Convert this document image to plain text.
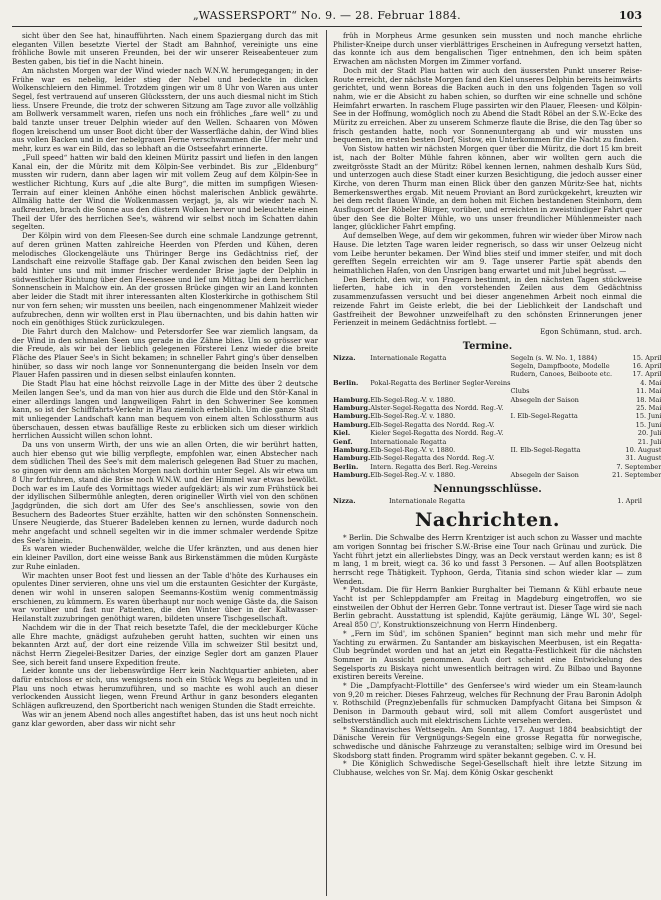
„WASSERSPORT“ No. 9. — 28. Februar 1884.	103

sicht über den See hat, hinaufführten. Nach einem Spaziergang durch das mit eleganten Villen besetzte Viertel der Stadt am Bahnhof, vereinigte uns eine fröhliche Bowle mit unseren Freunden, bei der wir unserer Reiseabenteuer zum Besten gaben, bis tief in die Nacht hinein.

Am nächsten Morgen war der Wind wieder nach W.N.W. herumgegangen; in der Frühe war es nebelig, leider stieg der Nebel und bedeckte in dicken Wolkenschleiern den Himmel. Trotzdem gingen wir um 8 Uhr von Waren aus unter Segel, fest vertrauend auf unseren Glücksstern, der uns auch diesmal nicht im Stich liess. Unsere Freunde, die trotz der schweren Sitzung am Tage zuvor alle vollzählig am Bollwerk versammelt waren, riefen uns noch ein fröhliches „fare well“ zu und bald tanzte unser treuer Delphin wieder auf den Wellen. Schaaren von Möwen flogen kreischend um unser Boot dicht über der Wasserfläche dahin, der Wind blies aus vollen Backen und in der nebelgrauen Ferne verschwammen die Ufer mehr und mehr, kurz es war ein Bild, das so lebhaft an die Ostseefahrt erinnerte.

„Full speed“ hatten wir bald den kleinen Müritz passirt und liefen in den langen Kanal ein, der die Müritz mit dem Kölpin-See verbindet. Bis zur „Eldenburg“ mussten wir rudern, dann aber lagen wir mit vollem Zeug auf dem Kölpin-See in westlicher Richtung, Kurs auf „die alte Burg“, die mitten im sumpfigen Wiesen-Terrain auf einer kleinen Anhöhe einen höchst malerischen Anblick gewährte. Allmälig hatte der Wind die Wolkenmassen verjagt, ja, als wir wieder nach N. aufkreuzten, brach die Sonne aus den düstern Wolken hervor und beleuchtete einen Theil der Ufer des herrlichen See's, während wir selbst noch im Schatten dahin segelten.

Der Kölpin wird von dem Fleesen-See durch eine schmale Landzunge getrennt, auf deren grünen Matten zahlreiche Heerden von Pferden und Kühen, deren melodisches Glockengeläute uns Thüringer Berge ins Gedächtniss rief, der Landschaft eine reizvolle Staffage gab. Der Kanal zwischen den beiden Seen lag bald hinter uns und mit immer frischer werdender Brise jagte der Delphin in südwestlicher Richtung über den Fleesensee und lief um Mittag bei dem herrlichen Sonnenschein in Malchow ein. An der grossen Brücke gingen wir an Land konnten aber leider die Stadt mit ihrer interessanten alten Klosterkirche in gothischem Stil nur von fern sehen; wir mussten uns beeilen, nach eingenommener Mahlzeit wieder aufzubrechen, denn wir wollten erst in Plau übernachten, und bis dahin hatten wir noch ein genöthiges Stück zurückzulegen.

Die Fahrt durch den Malchow- und Petersdorfer See war ziemlich langsam, da der Wind in den schmalen Seen uns gerade in die Zähne blies. Um so grösser war die Freude, als wir bei der lieblich gelegenen Försterei Lenz wieder die breite Fläche des Plauer See's in Sicht bekamen; in schneller Fahrt ging's über denselben hinüber, so dass wir noch lange vor Sonnenuntergang die beiden Inseln vor dem Plauer Hafen passiren und in diesen selbst einlaufen konnten.

Die Stadt Plau hat eine höchst reizvolle Lage in der Mitte des über 2 deutsche Meilen langen See's, und da man von hier aus durch die Elde und den Stör-Kanal in einer allerdings langen und langweiligen Fahrt in den Schweriner See kommen kann, so ist der Schifffahrts-Verkehr in Plau ziemlich erheblich. Um die ganze Stadt mit unliegender Landschaft kann man bequem von einem alten Schlossthurm aus überschauen, dessen etwas baufällige Reste zu erblicken sich um dieser wirklich herrlichen Aussicht willen schon lohnt.

Da uns von unserm Wirth, der uns wie an allen Orten, die wir berührt hatten, auch hier ebenso gut wie billig verpflegte, empfohlen war, einen Abstecher nach dem südlichen Theil des See's mit dem malerisch gelegenen Bad Stuer zu machen, so gingen wir denn am nächsten Morgen nach dorthin unter Segel. Als wir etwa um 8 Uhr fortfuhren, stand die Brise noch W.N.W. und der Himmel war etwas bewölkt. Doch war es im Laufe des Vormittags wieder aufgeklärt; als wir zum Frühstück bei der idyllischen Silbermühle anlegten, deren origineller Wirth viel von den schönen Jagdgründen, die sich dort am Ufer des See's anschliessen, sowie von den Besuchern des Badeortes Stuer erzählte, hatten wir den schönsten Sonnenschein. Unsere Neugierde, das Stuerer Badeleben kennen zu lernen, wurde dadurch noch mehr angefacht und schnell segelten wir in die immer schmaler werdende Spitze des See's hinein.

Es waren wieder Buchenwälder, welche die Ufer kränzten, und aus denen hier ein kleiner Pavillon, dort eine weisse Bank aus Birkenstämmen die müden Kurgäste zur Ruhe einladen.

Wir machten unser Boot fest und liessen an der Table d'hôte des Kurhauses ein opulentes Diner servieren, ohne uns viel um die erstaunten Gesichter der Kurgäste, denen wir wohl in unseren salopen Seemanns-Kostüm wenig commentmässig erschienen, zu kümmern. Es waren überhaupt nur noch wenige Gäste da, die Saison war vorüber und fast nur Patienten, die den Winter über in der Kaltwasser-Heilanstalt zuzubringen genöthigt waren, bildeten unsere Tischgesellschaft.

Nachdem wir die in der That reich besetzte Tafel, die der meckleburger Küche alle Ehre machte, gnädigst aufzuheben geruht hatten, suchten wir einen uns bekannten Arzt auf, der dort eine reizende Villa im schweizer Stil besitzt und, nächst Herrn Ziegelei-Besitzer Daries, der einzige Segler dort am ganzen Plauer See, sich bereit fand unsere Expedition freute.

Leider konnte uns der liebenswürdige Herr kein Nachtquartier anbieten, aber dafür entschloss er sich, uns wenigstens noch ein Stück Wegs zu begleiten und in Plau uns noch etwas herumzuführen, und so machte es wohl auch an dieser verlockenden Aussicht liegen, wenn Freund Arthur in ganz besonders eleganten Schlägen aufkreuzend, den Sportbericht nach wenigen Stunden die Stadt erreichte.

Was wir an jenem Abend noch alles angestiftet haben, das ist uns heut noch nicht ganz klar geworden, aber dass wir nicht sehr

früh in Morpheus Arme gesunken sein mussten und noch manche ehrliche Philister-Kneipe durch unser vierblättriges Erscheinen in Aufregung versetzt hatten, das konnte ich aus dem bengalischen Tiger entnehmen, den ich beim späten Erwachen am nächsten Morgen im Zimmer vorfand.

Doch mit der Stadt Plau hatten wir auch den äussersten Punkt unserer Reise-Route erreicht, der nächste Morgen fand den Kiel unseres Delphin bereits heimwärts gerichtet, und wenn Boreas die Backen auch in den uns folgenden Tagen so voll nahm, wie er die Absicht zu haben schien, so durften wir eine schnelle und schöne Heimfahrt erwarten. In raschem Fluge passirten wir den Plauer, Fleesen- und Kölpin-See in der Hoffnung, womöglich noch zu Abend die Stadt Röbel an der S.W.-Ecke des Müritz zu erreichen. Aber zu unserem Schmerze flaute die Brise, die den Tag über so frisch gestanden hatte, noch vor Sonnenuntergang ab und wir mussten uns bequemen, im ersten besten Dorf, Sistow, ein Unterkommen für die Nacht zu finden.

Von Sistow hatten wir nächsten Morgen quer über die Müritz, die dort 15 km breit ist, nach der Bolter Mühle fahren können, aber wir wollten gern auch die zweitgrösste Stadt an der Müritz: Röbel kennen lernen, nahmen deshalb Kurs Süd, und unterzogen auch diese Stadt einer kurzen Besichtigung, die jedoch ausser einer Kirche, von deren Thurm man einen Blick über den ganzen Müritz-See hat, nichts Bemerkenswerthes ergab. Mit neuem Proviant an Bord zurückgekehrt, kreuzten wir bei dem recht flauen Winde, an dem hohen mit Eichen bestandenen Steinhorn, dem Ausflugsort der Röbeler Bürger, vorüber, und erreichten in zweistündiger Fahrt quer über den See die Bolter Mühle, wo uns unser freundlicher Mühlenmeister nach langer, glücklicher Fahrt empfing.

Auf demselben Wege, auf dem wir gekommen, fuhren wir wieder über Mirow nach Hause. Die letzten Tage waren leider regnerisch, so dass wir unser Oelzeug nicht vom Leibe herunter bekamen. Der Wind blies steif und immer steifer, und mit doch gerefften Segeln erreichten wir am 9. Tage unserer Partie spät abends den heimathlichen Hafen, von den Unsrigen bang erwartet und mit Jubel begrüsst. —

Den Bericht, den wir, von Fragern bestimmt, in den nächsten Tagen stückweise lieferten, habe ich in den vorstehenden Zeilen aus dem Gedächtniss zusammenzufassen versucht und bei dieser angenehmen Arbeit noch einmal die reizende Fahrt im Geiste erlebt, die bei der Lieblichkeit der Landschaft und Gastfreiheit der Bewohner unzweifelhaft zu den schönsten Erinnerungen jener Ferienzeit in meinem Gedächtniss fortlebt. —

Egon Schümann, stud. arch.
Termine.
Nizza.	Internationale Regatta	Segeln (s. W. No. 1, 1884)	15. April
		Segeln, Dampfboote, Modelle	16. April
		Rudern, Canoes, Beiboote etc.	17. April
Berlin.	Pokal-Regatta des Berliner Segler-Vereins		4. Mai
		Clubs	11. Mai
Hamburg.	Elb-Segel-Reg.-V. v. 1880.	Absegeln der Saison	18. Mai
Hamburg.	Alster-Segel-Regatta des Nordd. Reg.-V.		25. Mai
Hamburg.	Elb-Segel-Reg.-V. v. 1880.	I. Elb-Segel-Regatta	15. Juni
Hamburg.	Elb-Segel-Regatta des Nordd. Reg.-V.		15. Juni
Kiel.	Kieler Segel-Regatta des Nordd. Reg.-V.		20. Juli
Genf.	Internationale Regatta		21. Juli
Hamburg.	Elb-Segel-Reg.-V. v. 1880.	II. Elb-Segel-Regatta	10. August
Hamburg.	Elb-Segel-Regatta des Nordd. Reg.-V.		31. August
Berlin.	Intern. Regatta des Berl. Reg.-Vereins		7. September
Hamburg.	Elb-Segel-Reg.-V. v. 1880.	Absegeln der Saison	21. September
Nennungsschlüsse.
Nizza.	Internationale Regatta		1. April
Nachrichten.

* Berlin. Die Schwalbe des Herrn Krentziger ist auch schon zu Wasser und machte am vorigen Sonntag bei frischer S.W.-Brise eine Tour nach Grünau und zurück. Die Yacht führt jetzt ein allerliebstes Dingy, was an Deck verstaut werden kann; es ist 8 m lang, 1 m breit, wiegt ca. 36 ko und fasst 3 Personen. — Auf allen Bootsplätzen herrscht rege Thätigkeit. Typhoon, Gerda, Titania sind schon wieder klar — zum Wenden.

* Potsdam. Die für Herrn Bankier Burghalter bei Tiemann & Kühl erbaute neue Yacht ist per Schleppdampfer am Freitag in Magdeburg eingetroffen, wo sie einstweilen der Obhut der Herren Gebr. Tonne vertraut ist. Dieser Tage wird sie nach Berlin gebracht. Ausstattung ist splendid, Kajüte geräumig, Länge WL 30', Segel-Areal 850 ▢', Konstruktionszeichnung von Herrn Hindenberg.

* „Fern im Süd', im schönen Spanien“ beginnt man sich mehr und mehr für Yachting zu erwärmen. Zu Santander am biskayischen Meerbusen, ist ein Regatta-Club begründet worden und hat an jetzt ein Regatta-Festlichkeit für die nächsten Sommer in Aussicht genommen. Auch dort scheint eine Entwickelung des Segelsports zu Biskaya nicht unwesentlich beitragen wird. Zu Bilbao und Bayonne existiren bereits Vereine.

* Die „Dampfyacht-Flottille“ des Genfersee's wird wieder um ein Steam-launch von 9,20 m reicher. Dieses Fahrzeug, welches für Rechnung der Frau Baronin Adolph v. Rothschild (Pregnz)ebenfalls für schmucken Dampfyacht Gitana bei Simpson & Denison in Darmouth gebaut wird, soll mit allem Comfort ausgerüstet und selbstverständlich auch mit elektrischem Lichte versehen werden.

* Skandinavisches Wettsegeln. Am Sonntag, 17. August 1884 beabsichtigt der Dänische Verein für Vergnügungs-Segeln eine grosse Regatta für norwegische, schwedische und dänische Fahrzeuge zu veranstalten; selbige wird im Oresund bei Skodsborg statt finden. Programm wird später bekannt gegeben. C. v. H.

* Die Königlich Schwedische Segel-Gesellschaft hielt ihre letzte Sitzung im Clubhause, welches von Sr. Maj. dem König Oskar geschenkt
